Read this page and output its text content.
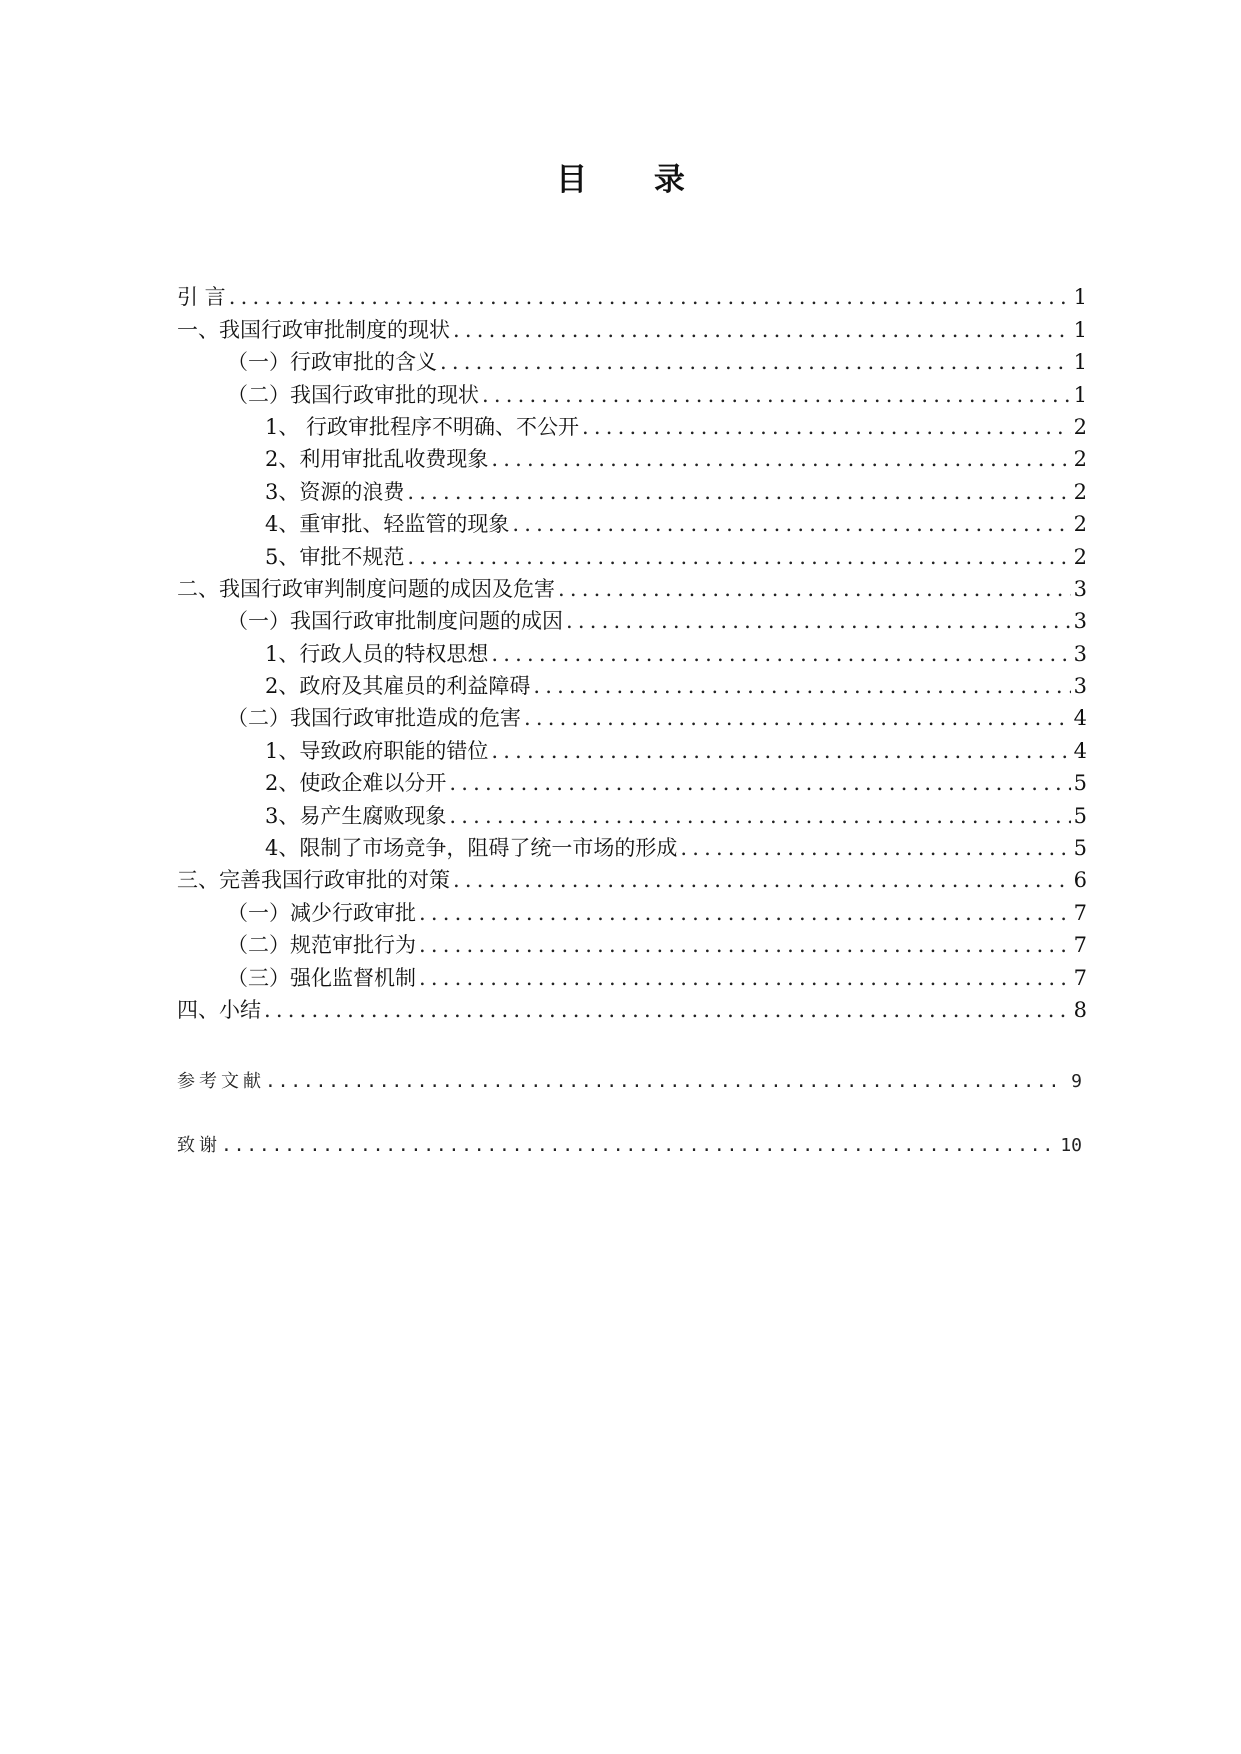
目 录
引 言 .....	1
一、我国行政审批制度的现状 .....	1
（一）行政审批的含义 .....	1
（二）我国行政审批的现状 .....	1
1、 行政审批程序不明确、不公开 .....	2
2、利用审批乱收费现象 .....	2
3、资源的浪费 .....	2
4、重审批、轻监管的现象 .....	2
5、审批不规范 .....	2
二、我国行政审判制度问题的成因及危害 .....	3
（一）我国行政审批制度问题的成因 .....	3
1、行政人员的特权思想 .....	3
2、政府及其雇员的利益障碍 .....	3
（二）我国行政审批造成的危害 .....	4
1、导致政府职能的错位 .....	4
2、使政企难以分开 .....	5
3、易产生腐败现象 .....	5
4、限制了市场竞争，阻碍了统一市场的形成 .....	5
三、完善我国行政审批的对策 .....	6
（一）减少行政审批 .....	7
（二）规范审批行为 .....	7
（三）强化监督机制 .....	7
四、小结 .....	8
参考文献 .....	9
致谢 .....	10
